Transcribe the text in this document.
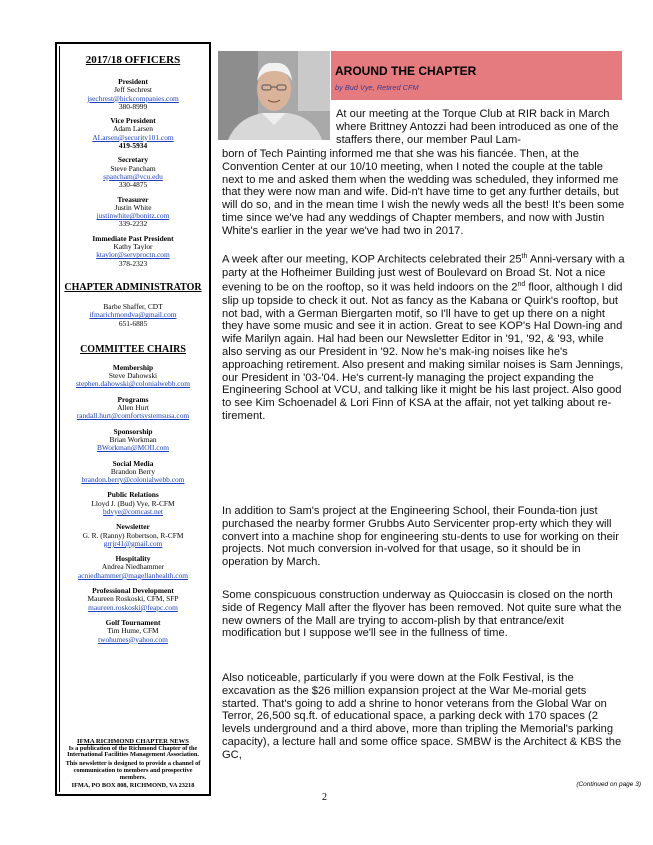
2017/18 OFFICERS

President
Jeff Sechrest
jsechrest@hickcompanies.com
380-8999
Vice President
Adam Larsen
ALarsen@security101.com
419-5934
Secretary
Steve Pancham
spancham@vcu.edu
330-4875
Treasurer
Justin White
justinwhite@bonitz.com
339-2232
Immediate Past President
Kathy Taylor
ktaylor@servproctn.com
378-2323

CHAPTER ADMINISTRATOR

Barbe Shaffer, CDT
ifmarichmondva@gmail.com
651-6885

COMMITTEE CHAIRS

Membership
Steve Dahowski
stephen.dahowski@colonialwebb.com
Programs
Allen Hurt
randall.hurt@comfortsystemsusa.com
Sponsorship
Brian Workman
BWorkman@MOII.com
Social Media
Brandon Berry
brandon.berry@colonialwebb.com
Public Relations
Lloyd J. (Bud) Vye, R-CFM
bdvye@comcast.net
Newsletter
G. R. (Ranny) Robertson, R-CFM
grrjr41@gmail.com
Hospitality
Andrea Niedhammer
acniedhammer@magellanhealth.com
Professional Development
Maureen Roskoski, CFM, SFP
maureen.roskoski@feapc.com
Golf Tournament
Tim Hume, CFM
twohumes@yahoo.com
IFMA RICHMOND CHAPTER NEWS
Is a publication of the Richmond Chapter of the International Facilities Management Association.
This newsletter is designed to provide a channel of communication to members and prospective members.
IFMA, PO BOX 808, RICHMOND, VA 23218
AROUND THE CHAPTER
by Bud Vye, Retired CFM

At our meeting at the Torque Club at RIR back in March where Brittney Antozzi had been introduced as one of the staffers there, our member Paul Lam-

born of Tech Painting informed me that she was his fiancée. Then, at the Convention Center at our 10/10 meeting, when I noted the couple at the table next to me and asked them when the wedding was scheduled, they informed me that they were now man and wife. Did-n't have time to get any further details, but will do so, and in the mean time I wish the newly weds all the best! It's been some time since we've had any weddings of Chapter members, and now with Justin White's earlier in the year we've had two in 2017.

A week after our meeting, KOP Architects celebrated their 25th Anni-versary with a party at the Hofheimer Building just west of Boulevard on Broad St. Not a nice evening to be on the rooftop, so it was held indoors on the 2nd floor, although I did slip up topside to check it out. Not as fancy as the Kabana or Quirk's rooftop, but not bad, with a German Biergarten motif, so I'll have to get up there on a night they have some music and see it in action. Great to see KOP's Hal Down-ing and wife Marilyn again. Hal had been our Newsletter Editor in '91, '92, & '93, while also serving as our President in '92. Now he's mak-ing noises like he's approaching retirement. Also present and making similar noises is Sam Jennings, our President in '03-'04. He's current-ly managing the project expanding the Engineering School at VCU, and talking like it might be his last project. Also good to see Kim Schoenadel & Lori Finn of KSA at the affair, not yet talking about re-tirement.

In addition to Sam's project at the Engineering School, their Founda-tion just purchased the nearby former Grubbs Auto Servicenter prop-erty which they will convert into a machine shop for engineering stu-dents to use for working on their projects. Not much conversion in-volved for that usage, so it should be in operation by March.

Some conspicuous construction underway as Quioccasin is closed on the north side of Regency Mall after the flyover has been removed. Not quite sure what the new owners of the Mall are trying to accom-plish by that entrance/exit modification but I suppose we'll see in the fullness of time.

Also noticeable, particularly if you were down at the Folk Festival, is the excavation as the $26 million expansion project at the War Me-morial gets started. That's going to add a shrine to honor veterans from the Global War on Terror, 26,500 sq.ft. of educational space, a parking deck with 170 spaces (2 levels underground and a third above, more than tripling the Memorial's parking capacity), a lecture hall and some office space. SMBW is the Architect & KBS the GC,

(Continued on page 3)
2
